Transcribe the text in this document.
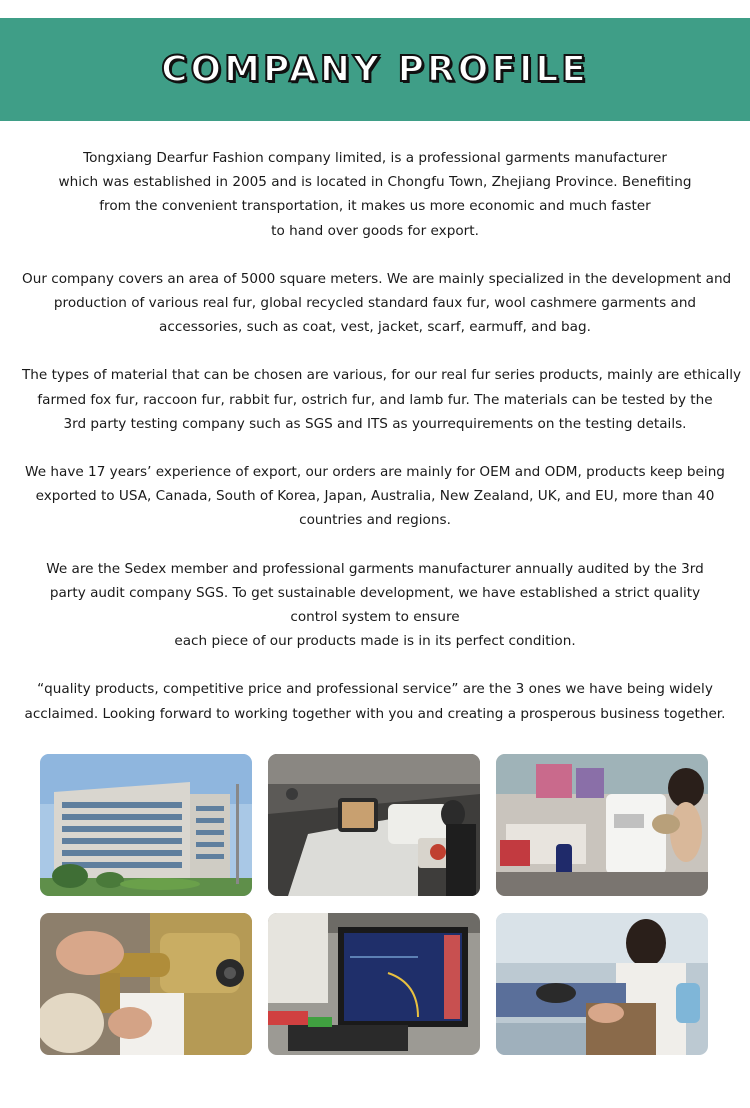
COMPANY PROFILE

Tongxiang Dearfur Fashion company limited, is a professional garments manufacturer
which was established in 2005 and is located in Chongfu Town, Zhejiang Province. Benefiting
from the convenient transportation, it makes us more economic and much faster
to hand over goods for export.

Our company covers an area of 5000 square meters. We are mainly specialized in the development and
production of various real fur, global recycled standard faux fur, wool cashmere garments and
accessories, such as coat, vest, jacket, scarf, earmuff, and bag.

The types of material that can be chosen are various, for our real fur series products, mainly are ethically
farmed fox fur, raccoon fur, rabbit fur, ostrich fur, and lamb fur. The materials can be tested by the
3rd party testing company such as SGS and ITS as yourrequirements on the testing details.

We have 17 years’ experience of export, our orders are mainly for OEM and ODM, products keep being
exported to USA, Canada, South of Korea, Japan, Australia, New Zealand, UK, and EU, more than 40
countries and regions.

We are the Sedex member and professional garments manufacturer annually audited by the 3rd
party audit company SGS. To get sustainable development, we have established a strict quality
control system to ensure
each piece of our products made is in its perfect condition.

“quality products, competitive price and professional service” are the 3 ones we have being widely
acclaimed. Looking forward to working together with you and creating a prosperous business together.
